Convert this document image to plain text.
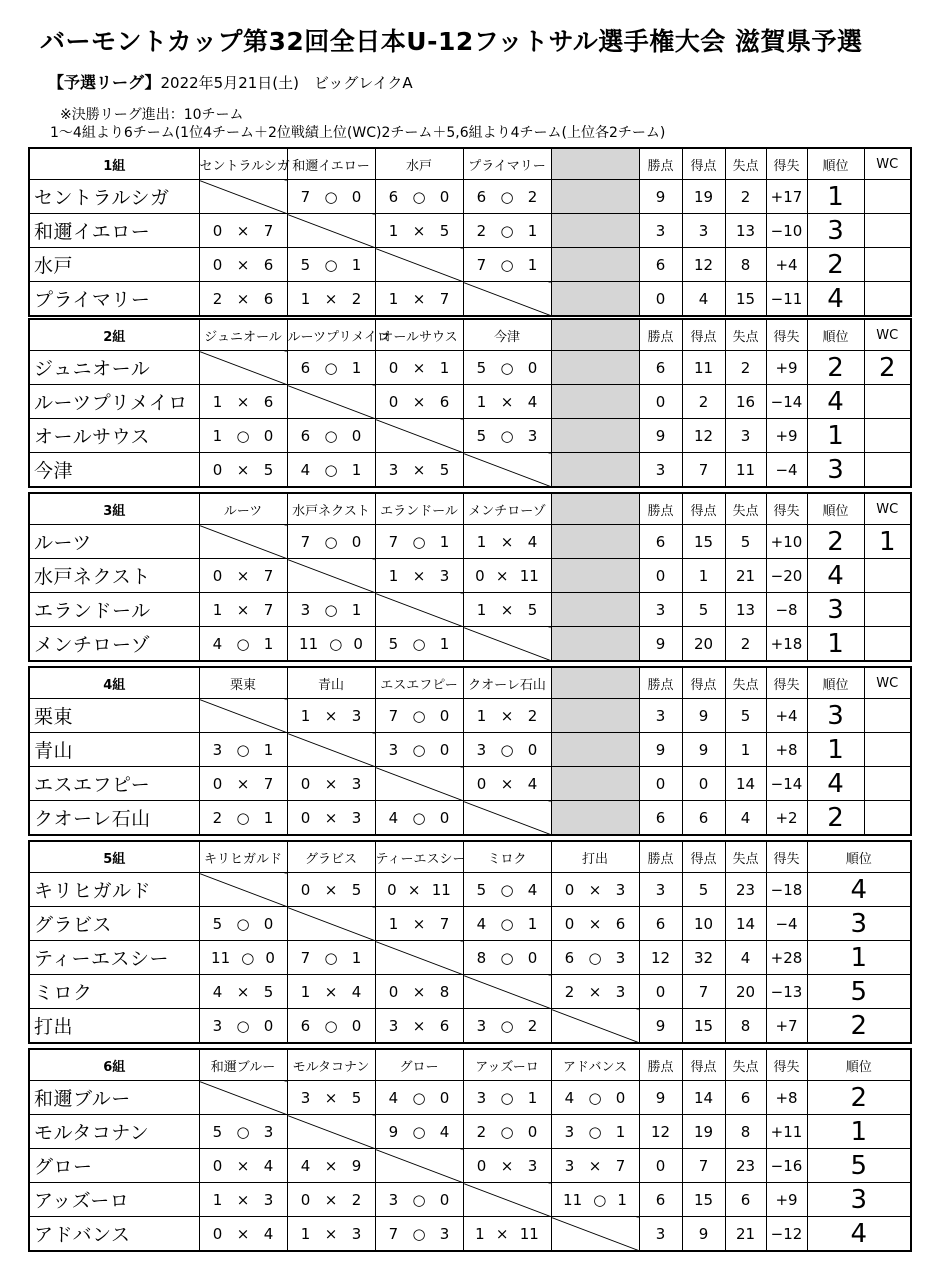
バーモントカップ第32回全日本U-12フットサル選手権大会 滋賀県予選
【予選リーグ】2022年5月21日(土)　ビッグレイクA
※決勝リーグ進出：10チーム
1～4組より6チーム(1位4チーム＋2位戦績上位(WC)2チーム＋5,6組より4チーム(上位各2チーム)
1組	セントラルシガ	和邇イエロー	水戸	プライマリー		勝点	得点	失点	得失	順位	WC
セントラルシガ		7 ○ 0	6 ○ 0	6 ○ 2		9	19	2	+17	1	
和邇イエロー	0 × 7		1 × 5	2 ○ 1		3	3	13	−10	3	
水戸	0 × 6	5 ○ 1		7 ○ 1		6	12	8	+4	2	
プライマリー	2 × 6	1 × 2	1 × 7			0	4	15	−11	4	
2組	ジュニオール	ルーツプリメイロ	オールサウス	今津		勝点	得点	失点	得失	順位	WC
ジュニオール		6 ○ 1	0 × 1	5 ○ 0		6	11	2	+9	2	2
ルーツプリメイロ	1 × 6		0 × 6	1 × 4		0	2	16	−14	4	
オールサウス	1 ○ 0	6 ○ 0		5 ○ 3		9	12	3	+9	1	
今津	0 × 5	4 ○ 1	3 × 5			3	7	11	−4	3	
3組	ルーツ	水戸ネクスト	エランドール	メンチローゾ		勝点	得点	失点	得失	順位	WC
ルーツ		7 ○ 0	7 ○ 1	1 × 4		6	15	5	+10	2	1
水戸ネクスト	0 × 7		1 × 3	0 × 11		0	1	21	−20	4	
エランドール	1 × 7	3 ○ 1		1 × 5		3	5	13	−8	3	
メンチローゾ	4 ○ 1	11 ○ 0	5 ○ 1			9	20	2	+18	1	
4組	栗東	青山	エスエフピー	クオーレ石山		勝点	得点	失点	得失	順位	WC
栗東		1 × 3	7 ○ 0	1 × 2		3	9	5	+4	3	
青山	3 ○ 1		3 ○ 0	3 ○ 0		9	9	1	+8	1	
エスエフピー	0 × 7	0 × 3		0 × 4		0	0	14	−14	4	
クオーレ石山	2 ○ 1	0 × 3	4 ○ 0			6	6	4	+2	2	
5組	キリヒガルド	グラビス	ティーエスシー	ミロク	打出	勝点	得点	失点	得失	順位
キリヒガルド		0 × 5	0 × 11	5 ○ 4	0 × 3	3	5	23	−18	4
グラビス	5 ○ 0		1 × 7	4 ○ 1	0 × 6	6	10	14	−4	3
ティーエスシー	11 ○ 0	7 ○ 1		8 ○ 0	6 ○ 3	12	32	4	+28	1
ミロク	4 × 5	1 × 4	0 × 8		2 × 3	0	7	20	−13	5
打出	3 ○ 0	6 ○ 0	3 × 6	3 ○ 2		9	15	8	+7	2
6組	和邇ブルー	モルタコナン	グロー	アッズーロ	アドバンス	勝点	得点	失点	得失	順位
和邇ブルー		3 × 5	4 ○ 0	3 ○ 1	4 ○ 0	9	14	6	+8	2
モルタコナン	5 ○ 3		9 ○ 4	2 ○ 0	3 ○ 1	12	19	8	+11	1
グロー	0 × 4	4 × 9		0 × 3	3 × 7	0	7	23	−16	5
アッズーロ	1 × 3	0 × 2	3 ○ 0		11 ○ 1	6	15	6	+9	3
アドバンス	0 × 4	1 × 3	7 ○ 3	1 × 11		3	9	21	−12	4
